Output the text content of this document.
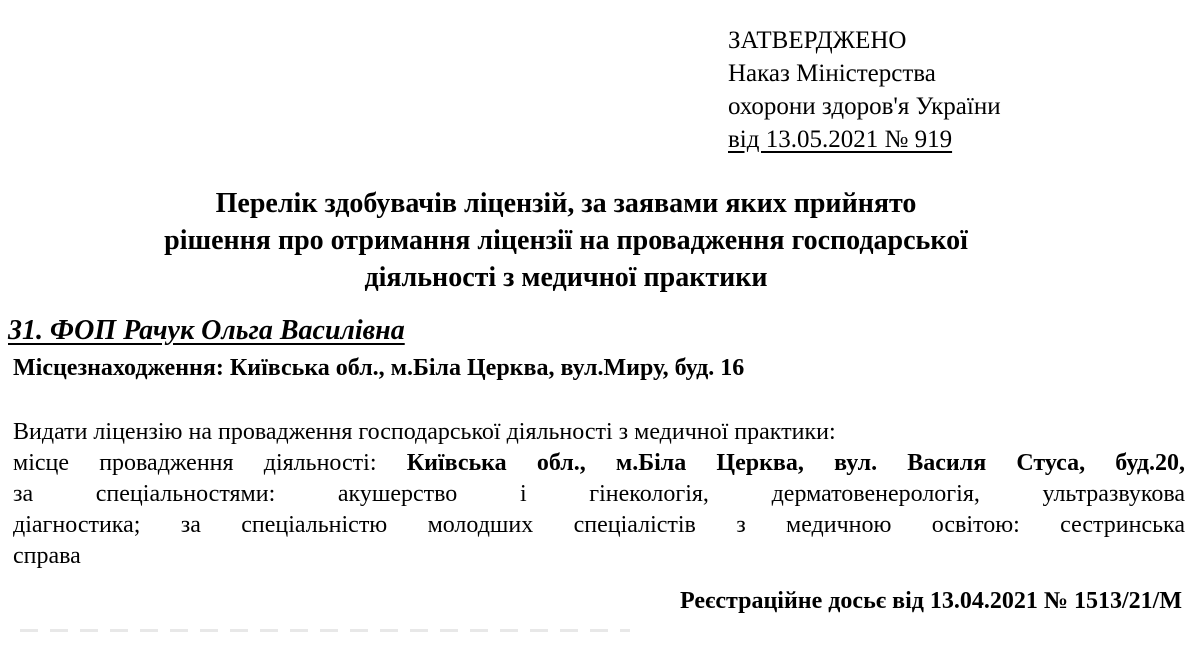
ЗАТВЕРДЖЕНО
Наказ Міністерства
охорони здоров'я України
від 13.05.2021 № 919
Перелік здобувачів ліцензій, за заявами яких прийнято
рішення про отримання ліцензії на провадження господарської
діяльності з медичної практики
31. ФОП Рачук Ольга Василівна
Місцезнаходження: Київська обл., м.Біла Церква, вул.Миру, буд. 16
Видати ліцензію на провадження господарської діяльності з медичної практики:
місце провадження діяльності: Київська обл., м.Біла Церква, вул. Василя Стуса, буд.20,
за спеціальностями: акушерство і гінекологія, дерматовенерологія, ультразвукова
діагностика; за спеціальністю молодших спеціалістів з медичною освітою: сестринська
справа
Реєстраційне досьє від 13.04.2021 № 1513/21/М
